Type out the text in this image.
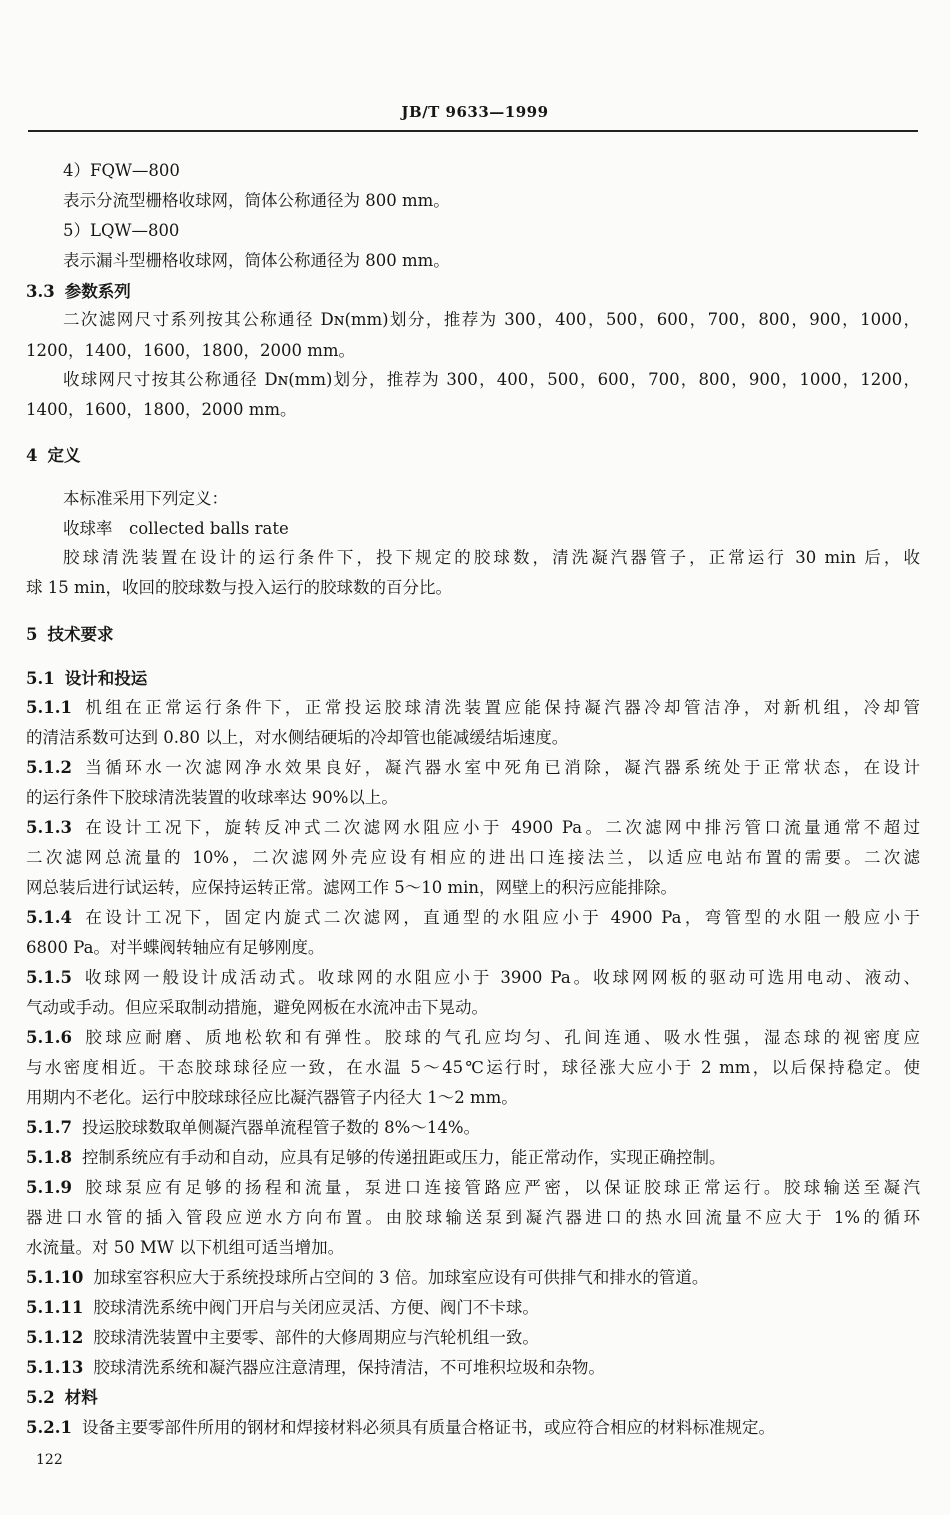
JB/T 9633—1999
4）FQW—800
表示分流型栅格收球网，筒体公称通径为 800 mm。
5）LQW—800
表示漏斗型栅格收球网，筒体公称通径为 800 mm。
3.3 参数系列
二次滤网尺寸系列按其公称通径 Dɴ(mm)划分，推荐为 300，400，500，600，700，800，900，1000，
1200，1400，1600，1800，2000 mm。
收球网尺寸按其公称通径 Dɴ(mm)划分，推荐为 300，400，500，600，700，800，900，1000，1200，
1400，1600，1800，2000 mm。
4 定义
本标准采用下列定义：
收球率　collected balls rate
胶球清洗装置在设计的运行条件下，投下规定的胶球数，清洗凝汽器管子，正常运行 30 min 后，收
球 15 min，收回的胶球数与投入运行的胶球数的百分比。
5 技术要求
5.1 设计和投运
5.1.1 机组在正常运行条件下，正常投运胶球清洗装置应能保持凝汽器冷却管洁净，对新机组，冷却管
的清洁系数可达到 0.80 以上，对水侧结硬垢的冷却管也能减缓结垢速度。
5.1.2 当循环水一次滤网净水效果良好，凝汽器水室中死角已消除，凝汽器系统处于正常状态，在设计
的运行条件下胶球清洗装置的收球率达 90%以上。
5.1.3 在设计工况下，旋转反冲式二次滤网水阻应小于 4900 Pa。二次滤网中排污管口流量通常不超过
二次滤网总流量的 10%，二次滤网外壳应设有相应的进出口连接法兰，以适应电站布置的需要。二次滤
网总装后进行试运转，应保持运转正常。滤网工作 5～10 min，网壁上的积污应能排除。
5.1.4 在设计工况下，固定内旋式二次滤网，直通型的水阻应小于 4900 Pa，弯管型的水阻一般应小于
6800 Pa。对半蝶阀转轴应有足够刚度。
5.1.5 收球网一般设计成活动式。收球网的水阻应小于 3900 Pa。收球网网板的驱动可选用电动、液动、
气动或手动。但应采取制动措施，避免网板在水流冲击下晃动。
5.1.6 胶球应耐磨、质地松软和有弹性。胶球的气孔应均匀、孔间连通、吸水性强，湿态球的视密度应
与水密度相近。干态胶球球径应一致，在水温 5～45℃运行时，球径涨大应小于 2 mm，以后保持稳定。使
用期内不老化。运行中胶球球径应比凝汽器管子内径大 1～2 mm。
5.1.7 投运胶球数取单侧凝汽器单流程管子数的 8%～14%。
5.1.8 控制系统应有手动和自动，应具有足够的传递扭距或压力，能正常动作，实现正确控制。
5.1.9 胶球泵应有足够的扬程和流量，泵进口连接管路应严密，以保证胶球正常运行。胶球输送至凝汽
器进口水管的插入管段应逆水方向布置。由胶球输送泵到凝汽器进口的热水回流量不应大于 1%的循环
水流量。对 50 MW 以下机组可适当增加。
5.1.10 加球室容积应大于系统投球所占空间的 3 倍。加球室应设有可供排气和排水的管道。
5.1.11 胶球清洗系统中阀门开启与关闭应灵活、方便、阀门不卡球。
5.1.12 胶球清洗装置中主要零、部件的大修周期应与汽轮机组一致。
5.1.13 胶球清洗系统和凝汽器应注意清理，保持清洁，不可堆积垃圾和杂物。
5.2 材料
5.2.1 设备主要零部件所用的钢材和焊接材料必须具有质量合格证书，或应符合相应的材料标准规定。
122
